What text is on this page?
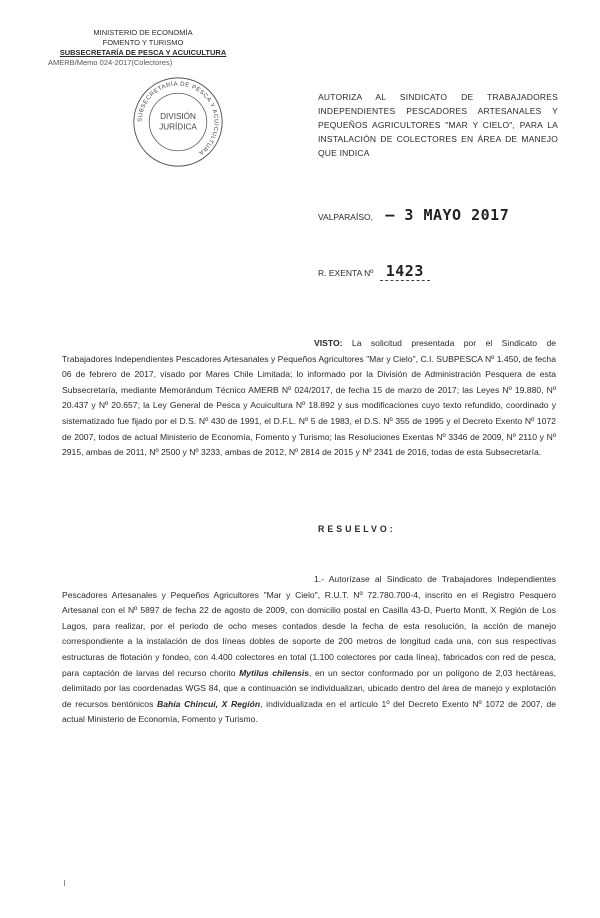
MINISTERIO DE ECONOMÍA
FOMENTO Y TURISMO
SUBSECRETARÍA DE PESCA Y ACUICULTURA
AMERB/Memo 024-2017(Colectores)
SUBSECRETARÍA DE PESCA Y ACUICULTURA
DIVISIÓN
JURÍDICA
AUTORIZA AL SINDICATO DE TRABAJADORES INDEPENDIENTES PESCADORES ARTESANALES Y PEQUEÑOS AGRICULTORES "MAR Y CIELO", PARA LA INSTALACIÓN DE COLECTORES EN ÁREA DE MANEJO QUE INDICA
VALPARAÍSO, – 3 MAYO 2017
R. EXENTA Nº 1423
VISTO: La solicitud presentada por el Sindicato de Trabajadores Independientes Pescadores Artesanales y Pequeños Agricultores "Mar y Cielo", C.I. SUBPESCA Nº 1.450, de fecha 06 de febrero de 2017, visado por Mares Chile Limitada; lo informado por la División de Administración Pesquera de esta Subsecretaría, mediante Memorándum Técnico AMERB Nº 024/2017, de fecha 15 de marzo de 2017; las Leyes Nº 19.880, Nº 20.437 y Nº 20.657; la Ley General de Pesca y Acuicultura Nº 18.892 y sus modificaciones cuyo texto refundido, coordinado y sistematizado fue fijado por el D.S. Nº 430 de 1991, el D.F.L. Nº 5 de 1983, el D.S. Nº 355 de 1995 y el Decreto Exento Nº 1072 de 2007, todos de actual Ministerio de Economía, Fomento y Turismo; las Resoluciones Exentas Nº 3346 de 2009, Nº 2110 y Nº 2915, ambas de 2011, Nº 2500 y Nº 3233, ambas de 2012, Nº 2814 de 2015 y Nº 2341 de 2016, todas de esta Subsecretaría.
RESUELVO:
1.- Autorízase al Sindicato de Trabajadores Independientes Pescadores Artesanales y Pequeños Agricultores "Mar y Cielo", R.U.T. Nº 72.780.700-4, inscrito en el Registro Pesquero Artesanal con el Nº 5897 de fecha 22 de agosto de 2009, con domicilio postal en Casilla 43-D, Puerto Montt, X Región de Los Lagos, para realizar, por el periodo de ocho meses contados desde la fecha de esta resolución, la acción de manejo correspondiente a la instalación de dos líneas dobles de soporte de 200 metros de longitud cada una, con sus respectivas estructuras de flotación y fondeo, con 4.400 colectores en total (1.100 colectores por cada línea), fabricados con red de pesca, para captación de larvas del recurso chorito Mytilus chilensis, en un sector conformado por un polígono de 2,03 hectáreas, delimitado por las coordenadas WGS 84, que a continuación se individualizan, ubicado dentro del área de manejo y explotación de recursos bentónicos Bahía Chincui, X Región, individualizada en el artículo 1º del Decreto Exento Nº 1072 de 2007, de actual Ministerio de Economía, Fomento y Turismo.
